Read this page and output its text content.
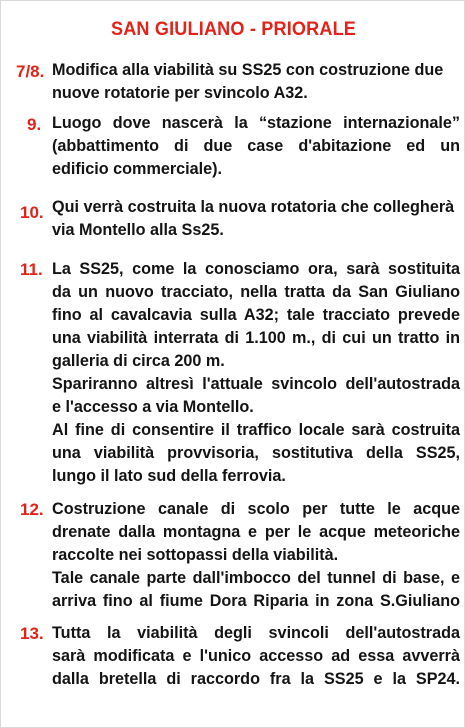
SAN GIULIANO - PRIORALE
7/8. Modifica alla viabilità su SS25 con costruzione due
nuove rotatorie per svincolo A32.
9. Luogo dove nascerà la “stazione internazionale”
(abbattimento di due case d'abitazione ed un
edificio commerciale).
10. Qui verrà costruita la nuova rotatoria che collegherà
via Montello alla Ss25.
11. La SS25, come la conosciamo ora, sarà sostituita
da un nuovo tracciato, nella tratta da San Giuliano
fino al cavalcavia sulla A32; tale tracciato prevede
una viabilità interrata di 1.100 m., di cui un tratto in
galleria di circa 200 m.
Spariranno altresì l'attuale svincolo dell'autostrada
e l'accesso a via Montello.
Al fine di consentire il traffico locale sarà costruita
una viabilità provvisoria, sostitutiva della SS25,
lungo il lato sud della ferrovia.
12. Costruzione canale di scolo per tutte le acque
drenate dalla montagna e per le acque meteoriche
raccolte nei sottopassi della viabilità.
Tale canale parte dall'imbocco del tunnel di base, e
arriva fino al fiume Dora Riparia in zona S.Giuliano
13. Tutta la viabilità degli svincoli dell'autostrada
sarà modificata e l'unico accesso ad essa avverrà
dalla bretella di raccordo fra la SS25 e la SP24.
